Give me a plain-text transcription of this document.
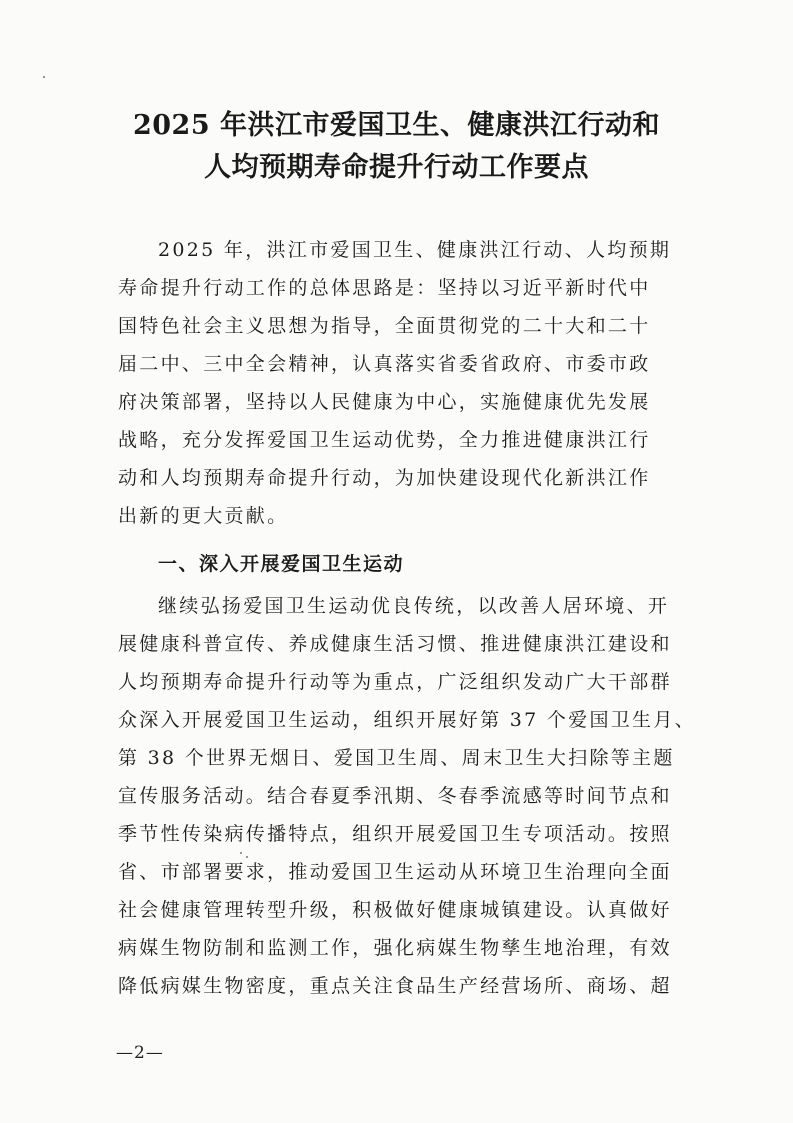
2025 年洪江市爱国卫生、健康洪江行动和
人均预期寿命提升行动工作要点
2025 年，洪江市爱国卫生、健康洪江行动、人均预期
寿命提升行动工作的总体思路是：坚持以习近平新时代中
国特色社会主义思想为指导，全面贯彻党的二十大和二十
届二中、三中全会精神，认真落实省委省政府、市委市政
府决策部署，坚持以人民健康为中心，实施健康优先发展
战略，充分发挥爱国卫生运动优势，全力推进健康洪江行
动和人均预期寿命提升行动，为加快建设现代化新洪江作
出新的更大贡献。
一、深入开展爱国卫生运动
继续弘扬爱国卫生运动优良传统，以改善人居环境、开
展健康科普宣传、养成健康生活习惯、推进健康洪江建设和
人均预期寿命提升行动等为重点，广泛组织发动广大干部群
众深入开展爱国卫生运动，组织开展好第 37 个爱国卫生月、
第 38 个世界无烟日、爱国卫生周、周末卫生大扫除等主题
宣传服务活动。结合春夏季汛期、冬春季流感等时间节点和
季节性传染病传播特点，组织开展爱国卫生专项活动。按照
省、市部署要求，推动爱国卫生运动从环境卫生治理向全面
社会健康管理转型升级，积极做好健康城镇建设。认真做好
病媒生物防制和监测工作，强化病媒生物孳生地治理，有效
降低病媒生物密度，重点关注食品生产经营场所、商场、超
—2—
